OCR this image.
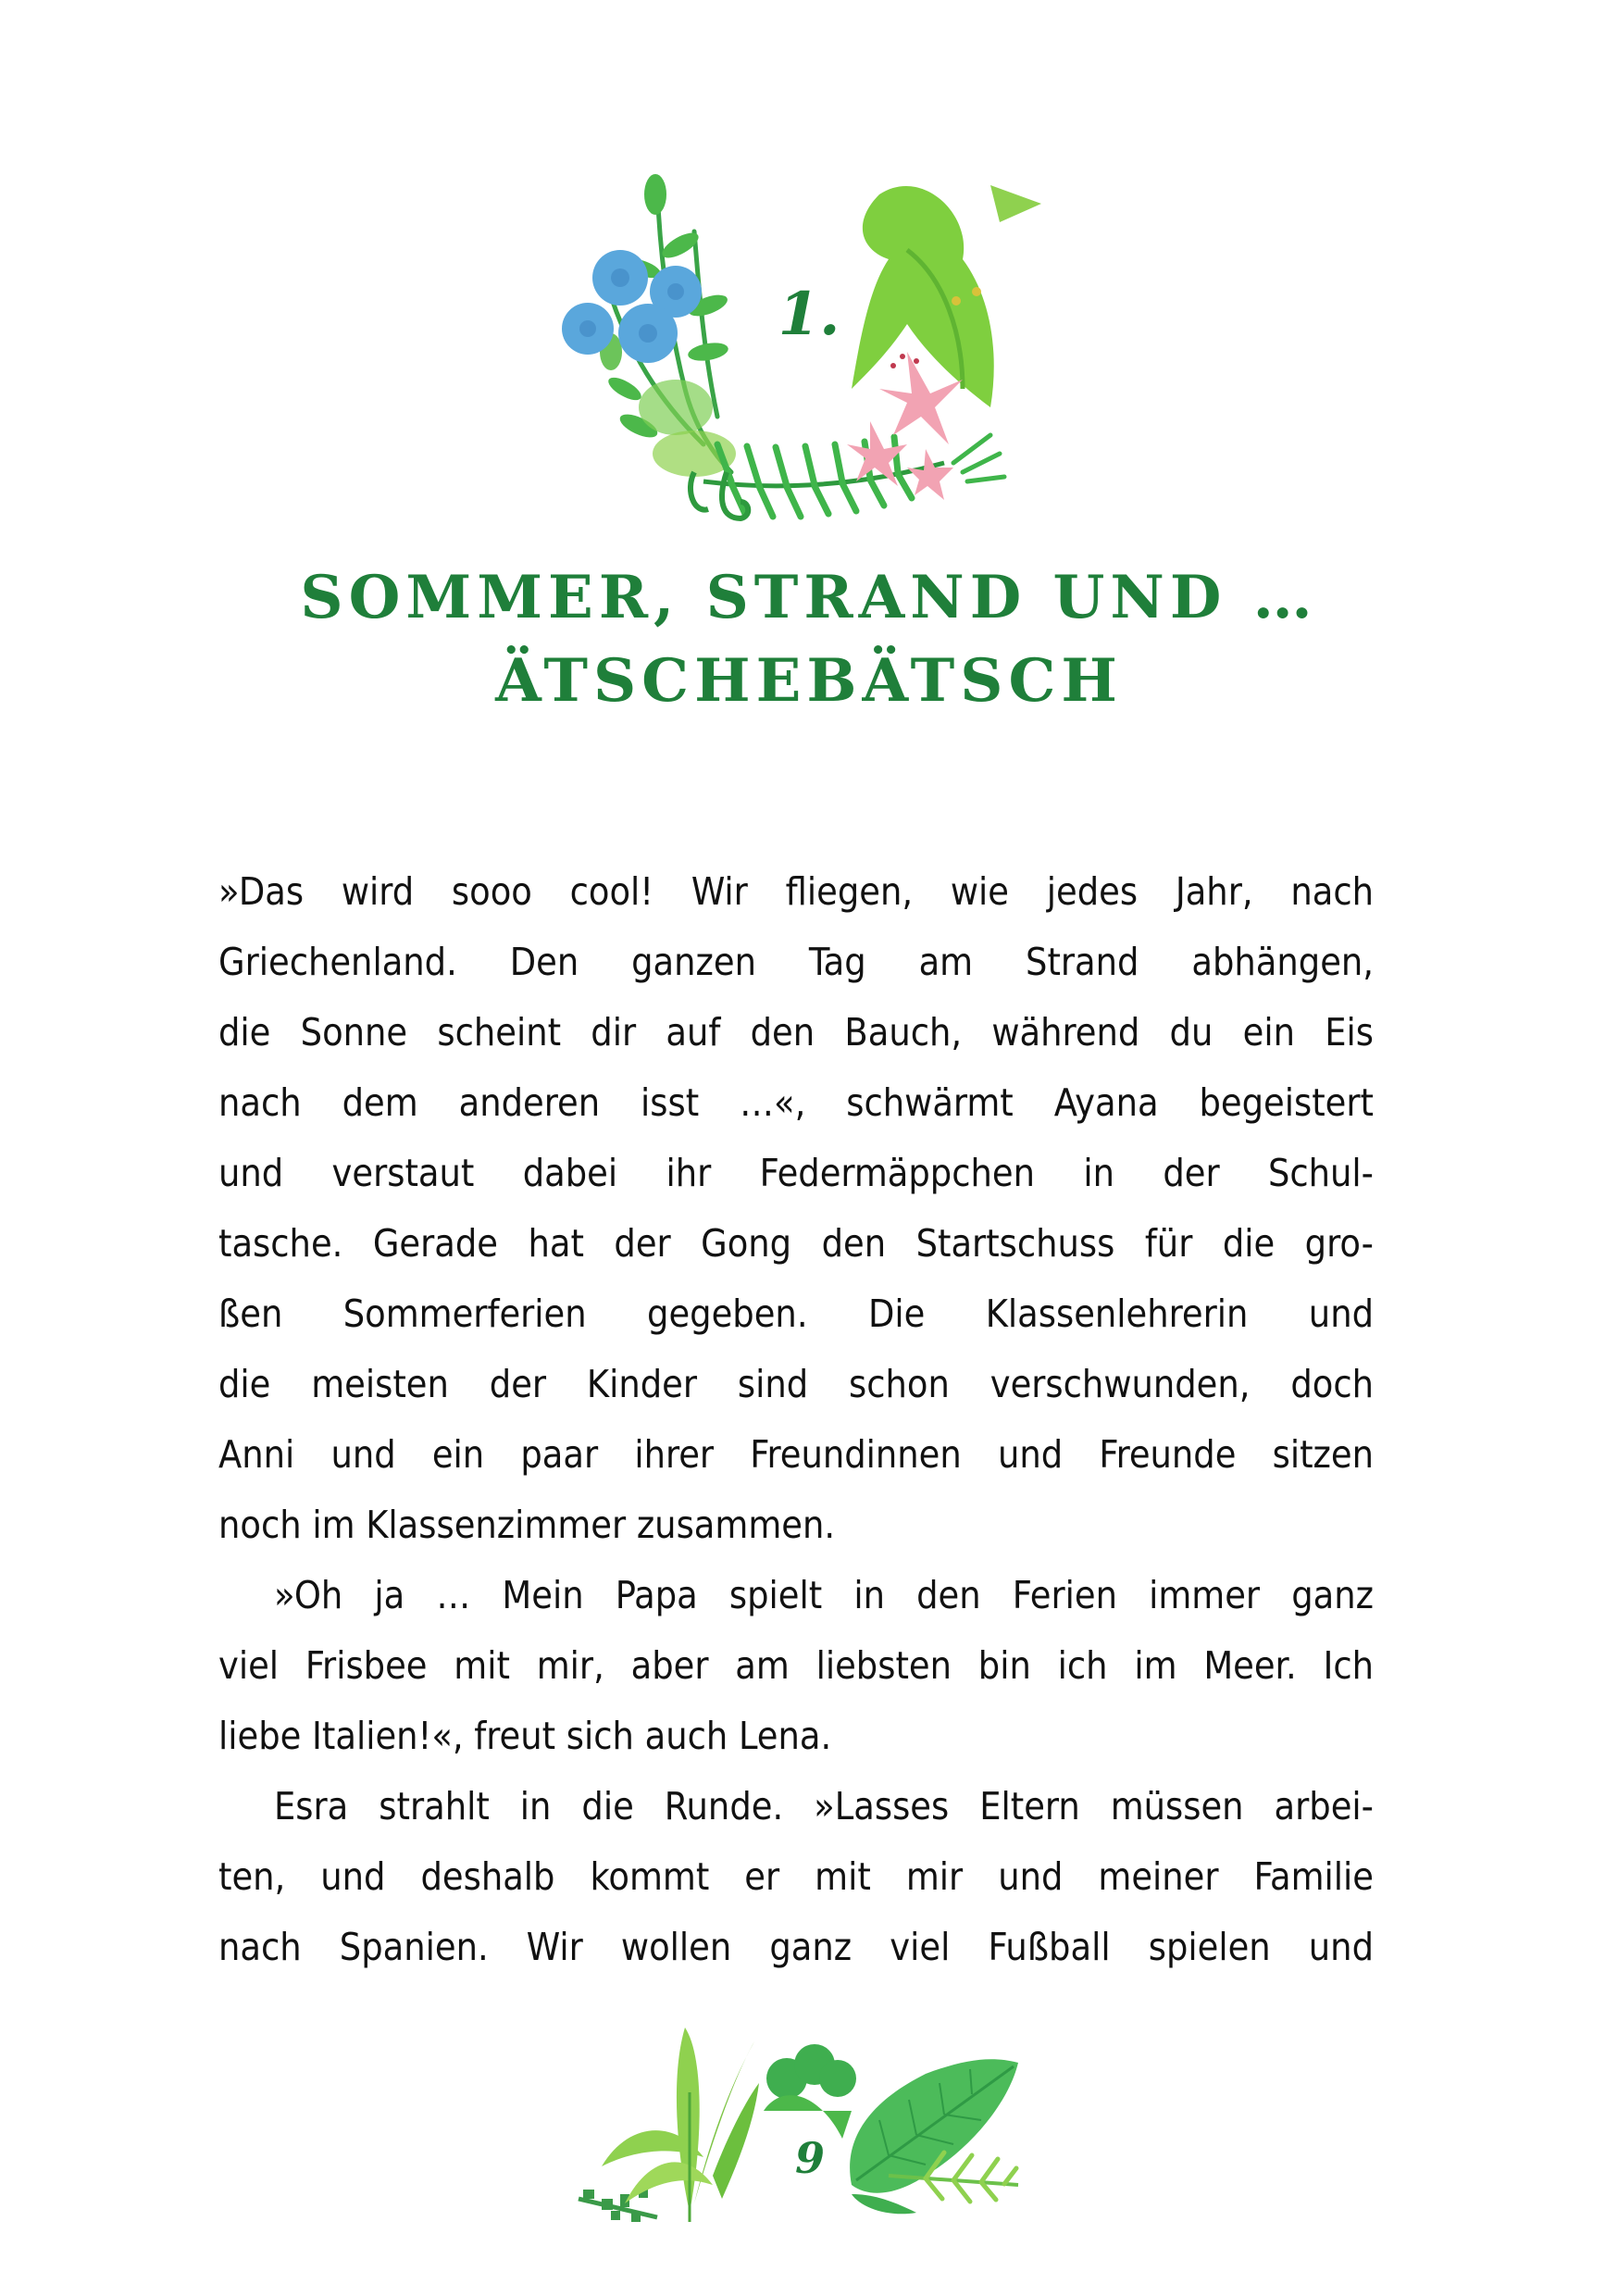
1.
SOMMER, STRAND UND …
ÄTSCHEBÄTSCH
»Das wird sooo cool! Wir fliegen, wie jedes Jahr, nach
Griechenland. Den ganzen Tag am Strand abhängen,
die Sonne scheint dir auf den Bauch, während du ein Eis
nach dem anderen isst …«, schwärmt Ayana begeistert
und verstaut dabei ihr Federmäppchen in der Schul-
tasche. Gerade hat der Gong den Startschuss für die gro-
ßen Sommerferien gegeben. Die Klassenlehrerin und
die meisten der Kinder sind schon verschwunden, doch
Anni und ein paar ihrer Freundinnen und Freunde sitzen
noch im Klassenzimmer zusammen.
»Oh ja … Mein Papa spielt in den Ferien immer ganz
viel Frisbee mit mir, aber am liebsten bin ich im Meer. Ich
liebe Italien!«, freut sich auch Lena.
Esra strahlt in die Runde. »Lasses Eltern müssen arbei-
ten, und deshalb kommt er mit mir und meiner Familie
nach Spanien. Wir wollen ganz viel Fußball spielen und
9
